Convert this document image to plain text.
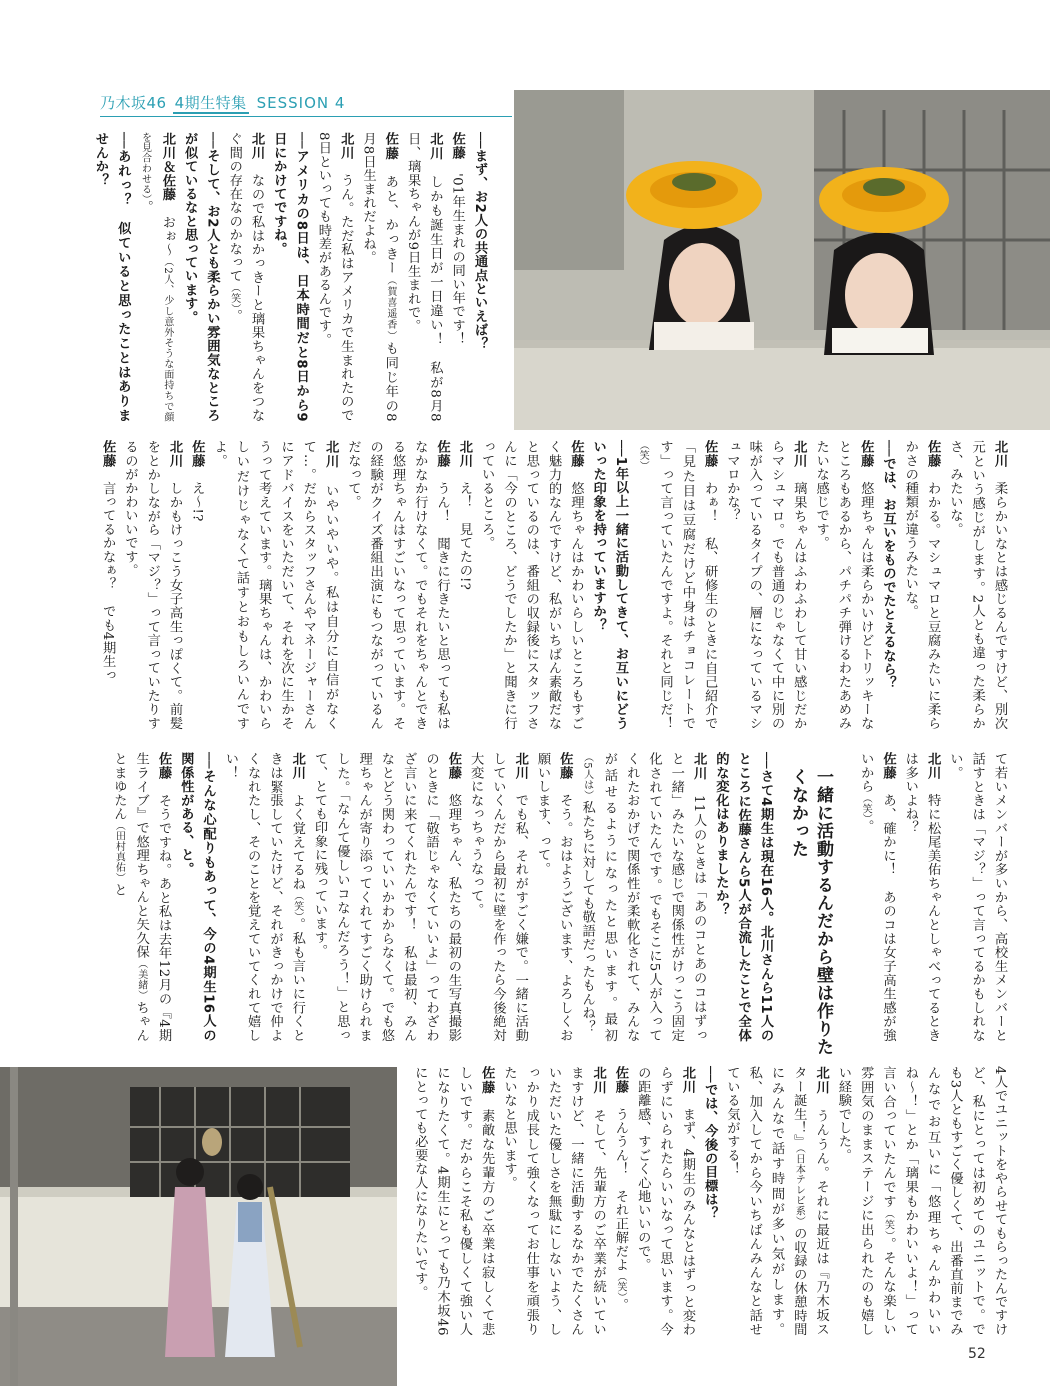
乃木坂46 4期生特集 SESSION 4

──まず、お2人の共通点といえば？

佐藤'01年生まれの同い年です！

北川しかも誕生日が一日違い！　私が8月8日、璃果ちゃんが9日生まれで。

佐藤あと、かっきー（賀喜遥香）も同じ年の8月8日生まれだよね。

北川うん。ただ私はアメリカで生まれたので8日といっても時差があるんです。

──アメリカの8日は、日本時間だと8日から9日にかけてですね。

北川なので私はかっきーと璃果ちゃんをつなぐ間の存在なのかなって（笑）。

──そして、お2人とも柔らかい雰囲気なところが似ているなと思っています。

北川＆佐藤おぉ〜（2人、少し意外そうな面持ちで顔を見合わせる）。

──あれっ？　似ていると思ったことはありませんか？

北川柔らかいなとは感じるんですけど、別次元という感じがします。2人とも違った柔らかさ、みたいな。

佐藤わかる。マシュマロと豆腐みたいに柔らかさの種類が違うみたいな。

──では、お互いをものでたとえるなら？

佐藤悠理ちゃんは柔らかいけどトリッキーなところもあるから、パチパチ弾けるわたあめみたいな感じです。

北川璃果ちゃんはふわふわして甘い感じだからマシュマロ。でも普通のじゃなくて中に別の味が入っているタイプの、層になっているマシュマロかな？

佐藤わぁ！　私、研修生のときに自己紹介で「見た目は豆腐だけど中身はチョコレートです」って言っていたんですよ。それと同じだ！（笑）

──1年以上一緒に活動してきて、お互いにどういった印象を持っていますか？

佐藤悠理ちゃんはかわいらしいところもすごく魅力的なんですけど、私がいちばん素敵だなと思っているのは、番組の収録後にスタッフさんに「今のところ、どうでしたか」と聞きに行っているところ。

北川え！　見てたの!?

佐藤うん！　聞きに行きたいと思っても私はなかなか行けなくて。でもそれをちゃんとできる悠理ちゃんはすごいなって思っています。その経験がクイズ番組出演にもつながっているんだなって。

北川いやいやいや。私は自分に自信がなくて…。だからスタッフさんやマネージャーさんにアドバイスをいただいて、それを次に生かそうって考えています。璃果ちゃんは、かわいらしいだけじゃなくて話すとおもしろいんですよ。

佐藤え〜!?

北川しかもけっこう女子高生っぽくて。前髪をとかしながら「マジ？」って言っていたりするのがかわいいです。

佐藤言ってるかなぁ？　でも4期生っ

て若いメンバーが多いから、高校生メンバーと話すときは「マジ？」って言ってるかもしれない。

北川特に松尾美佑ちゃんとしゃべってるときは多いよね？

佐藤あ、確かに！　あのコは女子高生感が強いから（笑）。

一緒に活動するんだから壁は作りたくなかった

──さて4期生は現在16人。北川さんら11人のところに佐藤さんら5人が合流したことで全体的な変化はありましたか？

北川11人のときは「あのコとあのコはずっと一緒」みたいな感じで関係性がけっこう固定化されていたんです。でもそこに5人が入ってくれたおかげで関係性が柔軟化されて、みんなが話せるようになったと思います。最初（5人は）私たちに対しても敬語だったもんね？

佐藤そう。おはようございます、よろしくお願いします、って。

北川でも私、それがすごく嫌で。一緒に活動していくんだから最初に壁を作ったら今後絶対大変になっちゃうなって。

佐藤悠理ちゃん、私たちの最初の生写真撮影のときに「敬語じゃなくていいよ」ってわざわざ言いに来てくれたんです！　私は最初、みんなとどう関わっていいかわからなくて。でも悠理ちゃんが寄り添ってくれてすごく助けられました。「なんて優しいコなんだろう！」と思って、とても印象に残っています。

北川よく覚えてるね（笑）。私も言いに行くときは緊張していたけど、それがきっかけで仲よくなれたし、そのことを覚えていてくれて嬉しい！

──そんな心配りもあって、今の4期生16人の関係性がある、と。

佐藤そうですね。あと私は去年12月の『4期生ライブ』で悠理ちゃんと矢久保（美緒）ちゃんとまゆたん（田村真佑）と

4人でユニットをやらせてもらったんですけど、私にとっては初めてのユニットで。でも3人ともすごく優しくて、出番直前までみんなでお互いに「悠理ちゃんかわいいね〜！」とか「璃果もかわいいよ！」って言い合っていたんです（笑）。そんな楽しい雰囲気のままステージに出られたのも嬉しい経験でした。

北川うんうん。それに最近は『乃木坂スター誕生！』（日本テレビ系）の収録の休憩時間にみんなで話す時間が多い気がします。私、加入してから今いちばんみんなと話せている気がする！

──では、今後の目標は？

北川まず、4期生のみんなとはずっと変わらずにいられたらいいなって思います。今の距離感、すごく心地いいので。

佐藤うんうん！　それ正解だよ（笑）。

北川そして、先輩方のご卒業が続いていますけど、一緒に活動するなかでたくさんいただいた優しさを無駄にしないよう、しっかり成長して強くなってお仕事を頑張りたいなと思います。

佐藤素敵な先輩方のご卒業は寂しくて悲しいです。だからこそ私も優しくて強い人になりたくて。4期生にとっても乃木坂46にとっても必要な人になりたいです。

52
